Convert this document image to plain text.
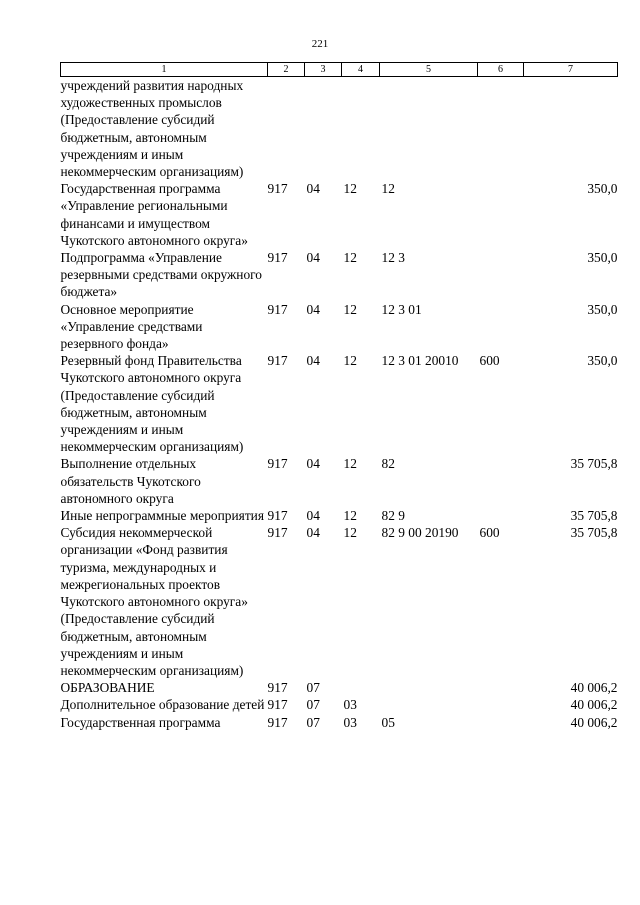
221
1	2	3	4	5	6	7
учреждений развития народных художественных промыслов (Предоставление субсидий бюджетным, автономным учреждениям и иным некоммерческим организациям)						
Государственная программа «Управление региональными финансами и имуществом Чукотского автономного округа»	917	04	12	12		350,0
Подпрограмма «Управление резервными средствами окружного бюджета»	917	04	12	12 3		350,0
Основное мероприятие «Управление средствами резервного фонда»	917	04	12	12 3 01		350,0
Резервный фонд Правительства Чукотского автономного округа (Предоставление субсидий бюджетным, автономным учреждениям и иным некоммерческим организациям)	917	04	12	12 3 01 20010	600	350,0
Выполнение отдельных обязательств Чукотского автономного округа	917	04	12	82		35 705,8
Иные непрограммные мероприятия	917	04	12	82 9		35 705,8
Субсидия некоммерческой организации «Фонд развития туризма, международных и межрегиональных проектов Чукотского автономного округа» (Предоставление субсидий бюджетным, автономным учреждениям и иным некоммерческим организациям)	917	04	12	82 9 00 20190	600	35 705,8
ОБРАЗОВАНИЕ	917	07				40 006,2
Дополнительное образование детей	917	07	03			40 006,2
Государственная программа	917	07	03	05		40 006,2
